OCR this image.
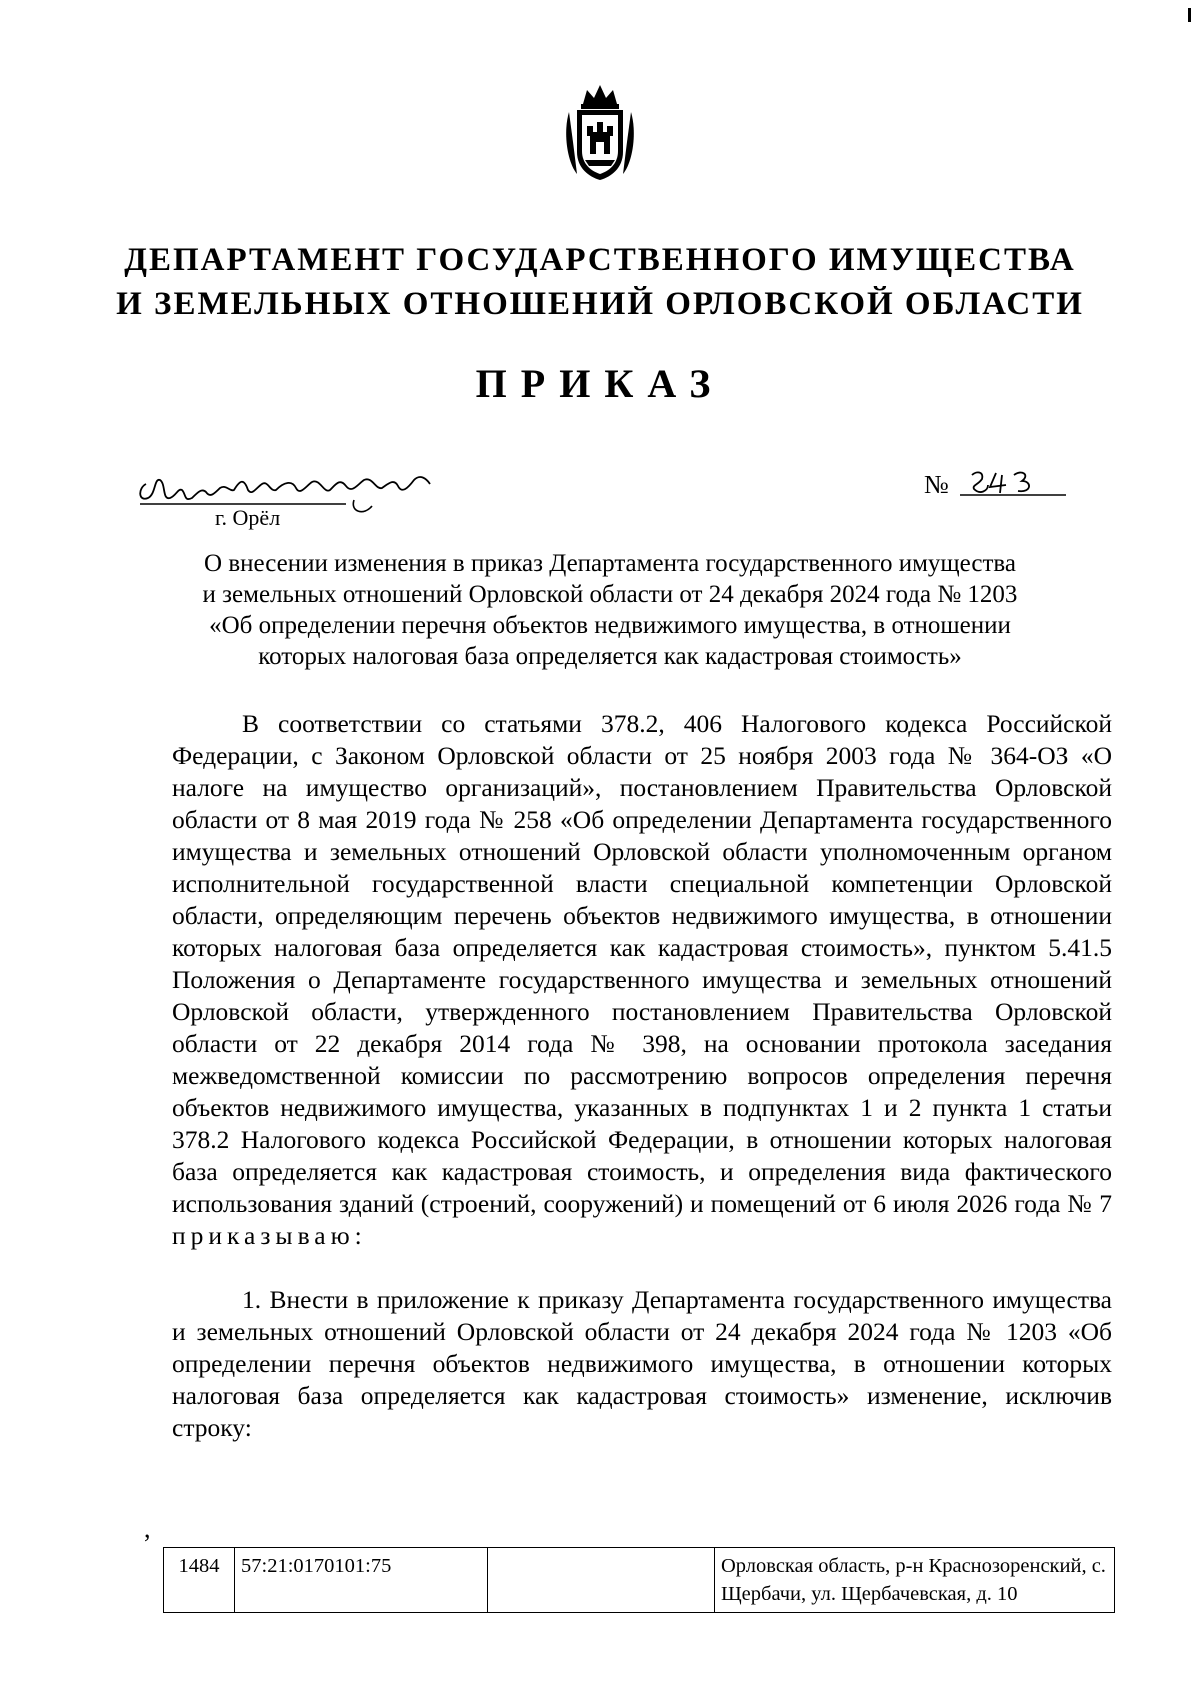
ДЕПАРТАМЕНТ ГОСУДАРСТВЕННОГО ИМУЩЕСТВА
И ЗЕМЕЛЬНЫХ ОТНОШЕНИЙ ОРЛОВСКОЙ ОБЛАСТИ
ПРИКАЗ
г. Орёл
№
О внесении изменения в приказ Департамента государственного имущества
и земельных отношений Орловской области от 24 декабря 2024 года № 1203
«Об определении перечня объектов недвижимого имущества, в отношении
которых налоговая база определяется как кадастровая стоимость»

В соответствии со статьями 378.2, 406 Налогового кодекса Российской Федерации, с Законом Орловской области от 25 ноября 2003 года № 364-ОЗ «О налоге на имущество организаций», постановлением Правительства Орловской области от 8 мая 2019 года № 258 «Об определении Департамента государственного имущества и земельных отношений Орловской области уполномоченным органом исполнительной государственной власти специальной компетенции Орловской области, определяющим перечень объектов недвижимого имущества, в отношении которых налоговая база определяется как кадастровая стоимость», пунктом 5.41.5 Положения о Департаменте государственного имущества и земельных отношений Орловской области, утвержденного постановлением Правительства Орловской области от 22 декабря 2014 года № 398, на основании протокола заседания межведомственной комиссии по рассмотрению вопросов определения перечня объектов недвижимого имущества, указанных в подпунктах 1 и 2 пункта 1 статьи 378.2 Налогового кодекса Российской Федерации, в отношении которых налоговая база определяется как кадастровая стоимость, и определения вида фактического использования зданий (строений, сооружений) и помещений от 6 июля 2026 года № 7 приказываю:

1. Внести в приложение к приказу Департамента государственного имущества и земельных отношений Орловской области от 24 декабря 2024 года № 1203 «Об определении перечня объектов недвижимого имущества, в отношении которых налоговая база определяется как кадастровая стоимость» изменение, исключив строку:

,
1484	57:21:0170101:75		Орловская область, р-н Краснозоренский, с. Щербачи, ул. Щербачевская, д. 10
